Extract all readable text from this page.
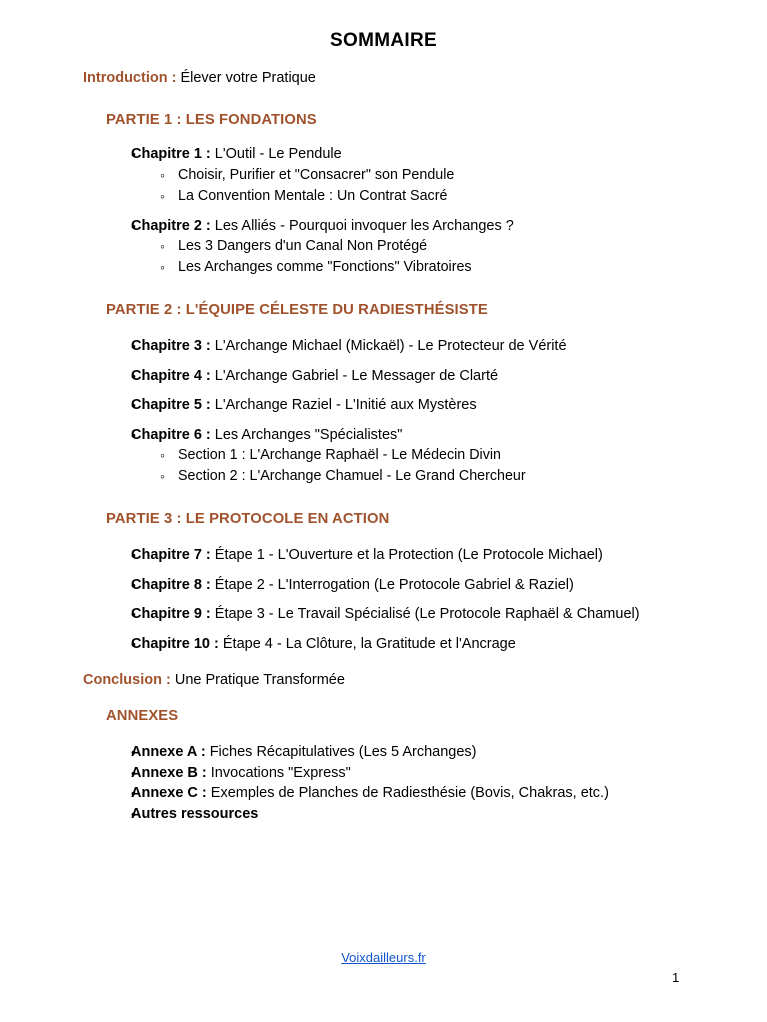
SOMMAIRE
Introduction : Élever votre Pratique
PARTIE 1 : LES FONDATIONS
• Chapitre 1 : L'Outil - Le Pendule
◦ Choisir, Purifier et "Consacrer" son Pendule
◦ La Convention Mentale : Un Contrat Sacré
• Chapitre 2 : Les Alliés - Pourquoi invoquer les Archanges ?
◦ Les 3 Dangers d'un Canal Non Protégé
◦ Les Archanges comme "Fonctions" Vibratoires
PARTIE 2 : L'ÉQUIPE CÉLESTE DU RADIESTHÉSISTE
• Chapitre 3 : L'Archange Michael (Mickaël) - Le Protecteur de Vérité
• Chapitre 4 : L'Archange Gabriel - Le Messager de Clarté
• Chapitre 5 : L'Archange Raziel - L'Initié aux Mystères
• Chapitre 6 : Les Archanges "Spécialistes"
◦ Section 1 : L'Archange Raphaël - Le Médecin Divin
◦ Section 2 : L'Archange Chamuel - Le Grand Chercheur
PARTIE 3 : LE PROTOCOLE EN ACTION
• Chapitre 7 : Étape 1 - L'Ouverture et la Protection (Le Protocole Michael)
• Chapitre 8 : Étape 2 - L'Interrogation (Le Protocole Gabriel & Raziel)
• Chapitre 9 : Étape 3 - Le Travail Spécialisé (Le Protocole Raphaël & Chamuel)
• Chapitre 10 : Étape 4 - La Clôture, la Gratitude et l'Ancrage
Conclusion : Une Pratique Transformée
ANNEXES
• Annexe A : Fiches Récapitulatives (Les 5 Archanges)
• Annexe B : Invocations "Express"
• Annexe C : Exemples de Planches de Radiesthésie (Bovis, Chakras, etc.)
• Autres ressources
Voixdailleurs.fr
1
